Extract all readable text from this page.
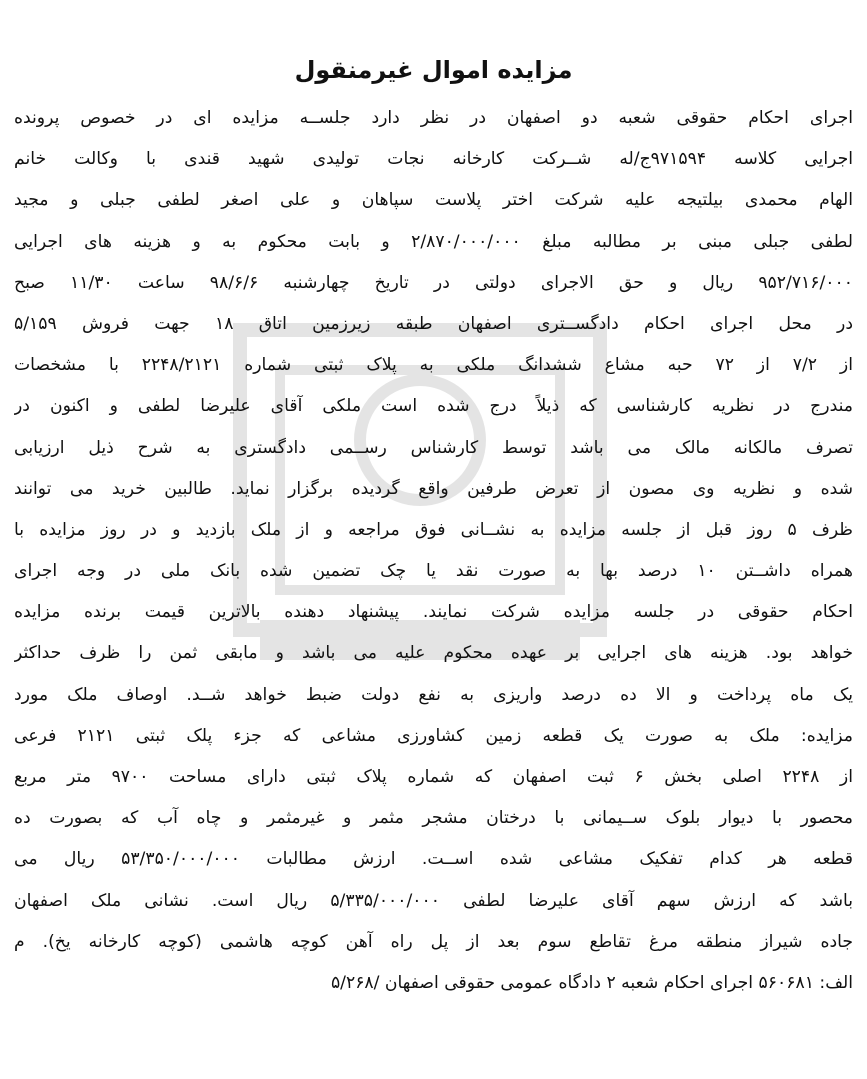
مزایده اموال غیرمنقول
اجرای احکام حقوقی شعبه دو اصفهان در نظر دارد جلســه مزایده ای در خصوص پرونده
اجرایی کلاسه ۹۷۱۵۹۴ج/له شــرکت کارخانه نجات تولیدی شهید قندی با وکالت خانم
الهام محمدی بیلتیجه علیه شرکت اختر پلاست سپاهان و علی اصغر لطفی جبلی و مجید
لطفی جبلی مبنی بر مطالبه مبلغ ۲/۸۷۰/۰۰۰/۰۰۰ و بابت محکوم به و هزینه های اجرایی
۹۵۲/۷۱۶/۰۰۰ ریال و حق الاجرای دولتی در تاریخ چهارشنبه ۹۸/۶/۶ ساعت ۱۱/۳۰ صبح
در محل اجرای احکام دادگســتری اصفهان طبقه زیرزمین اتاق ۱۸ جهت فروش ۵/۱۵۹
از ۷/۲ از ۷۲ حبه مشاع ششدانگ ملکی به پلاک ثبتی شماره ۲۲۴۸/۲۱۲۱ با مشخصات
مندرج در نظریه کارشناسی که ذیلاً درج شده است ملکی آقای علیرضا لطفی و اکنون در
تصرف مالکانه مالک می باشد توسط کارشناس رســمی دادگستری به شرح ذیل ارزیابی
شده و نظریه وی مصون از تعرض طرفین واقع گردیده برگزار نماید. طالبین خرید می توانند
ظرف ۵ روز قبل از جلسه مزایده به نشــانی فوق مراجعه و از ملک بازدید و در روز مزایده با
همراه داشــتن ۱۰ درصد بها به صورت نقد یا چک تضمین شده بانک ملی در وجه اجرای
احکام حقوقی در جلسه مزایده شرکت نمایند. پیشنهاد دهنده بالاترین قیمت برنده مزایده
خواهد بود. هزینه های اجرایی بر عهده محکوم علیه می باشد و مابقی ثمن را ظرف حداکثر
یک ماه پرداخت و الا ده درصد واریزی به نفع دولت ضبط خواهد شــد. اوصاف ملک مورد
مزایده: ملک به صورت یک قطعه زمین کشاورزی مشاعی که جزء پلک ثبتی ۲۱۲۱ فرعی
از ۲۲۴۸ اصلی بخش ۶ ثبت اصفهان که شماره پلاک ثبتی دارای مساحت ۹۷۰۰ متر مربع
محصور با دیوار بلوک ســیمانی با درختان مشجر مثمر و غیرمثمر و چاه آب که بصورت ده
قطعه هر کدام تفکیک مشاعی شده اســت. ارزش مطالبات ۵۳/۳۵۰/۰۰۰/۰۰۰ ریال می
باشد که ارزش سهم آقای علیرضا لطفی ۵/۳۳۵/۰۰۰/۰۰۰ ریال است. نشانی ملک اصفهان
جاده شیراز منطقه مرغ تقاطع سوم بعد از پل راه آهن کوچه هاشمی (کوچه کارخانه یخ). م
الف: ۵۶۰۶۸۱ اجرای احکام شعبه ۲ دادگاه عمومی حقوقی اصفهان /۵/۲۶۸
